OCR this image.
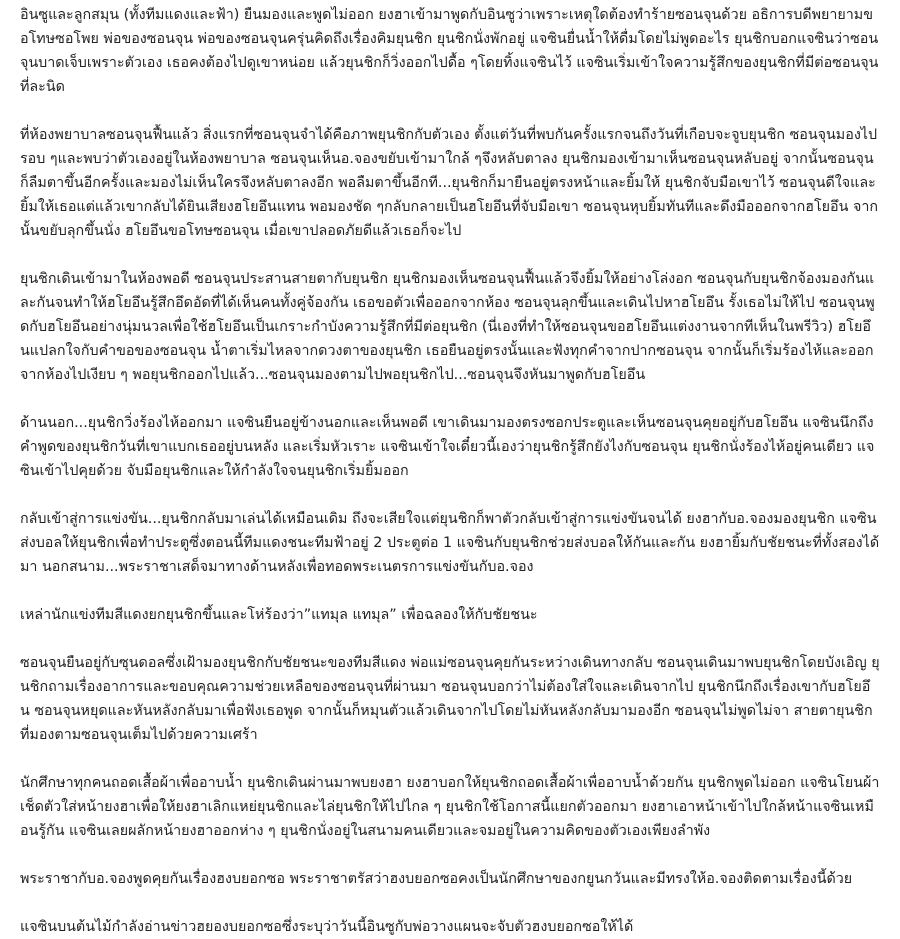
อินซูและลูกสมุน (ทั้งทีมแดงและฟ้า) ยืนมองและพูดไม่ออก ยงฮาเข้ามาพูดกับอินซูว่าเพราะเหตุใดต้องทำร้ายซอนจุนด้วย อธิการบดีพยายามขอโทษซอโพย พ่อของซอนจุน พ่อของซอนจุนครุ่นคิดถึงเรื่องคิมยุนชิก ยุนชิกนั่งพักอยู่ แจซินยื่นน้ำให้ดื่มโดยไม่พูดอะไร ยุนชิกบอกแจซินว่าซอนจุนบาดเจ็บเพราะตัวเอง เธอคงต้องไปดูเขาหน่อย แล้วยุนชิกก็วิ่งออกไปดื้อ ๆโดยทิ้งแจซินไว้ แจซินเริ่มเข้าใจความรู้สึกของยุนชิกที่มีต่อซอนจุนที่ละนิด

ที่ห้องพยาบาลซอนจุนฟื้นแล้ว สิ่งแรกที่ซอนจุนจำได้คือภาพยุนชิกกับตัวเอง ตั้งแต่วันที่พบกันครั้งแรกจนถึงวันที่เกือบจะจูบยุนชิก ซอนจุนมองไปรอบ ๆและพบว่าตัวเองอยู่ในห้องพยาบาล ซอนจุนเห็นอ.จองขยับเข้ามาใกล้ ๆจึงหลับตาลง ยุนชิกมองเข้ามาเห็นซอนจุนหลับอยู่ จากนั้นซอนจุนก็ลืมตาขึ้นอีกครั้งและมองไม่เห็นใครจึงหลับตาลงอีก พอลืมตาขึ้นอีกที...ยุนชิกก็มายืนอยู่ตรงหน้าและยิ้มให้ ยุนชิกจับมือเขาไว้ ซอนจุนดีใจและยิ้มให้เธอแต่แล้วเขากลับได้ยินเสียงฮโยอึนแทน พอมองชัด ๆกลับกลายเป็นฮโยอึนที่จับมือเขา ซอนจุนหุบยิ้มทันทีและดึงมือออกจากฮโยอึน จากนั้นขยับลุกขึ้นนั่ง ฮโยอึนขอโทษซอนจุน เมื่อเขาปลอดภัยดีแล้วเธอก็จะไป

ยุนชิกเดินเข้ามาในห้องพอดี ซอนจุนประสานสายตากับยุนชิก ยุนชิกมองเห็นซอนจุนฟื้นแล้วจึงยิ้มให้อย่างโล่งอก ซอนจุนกับยุนชิกจ้องมองกันและกันจนทำให้ฮโยอึนรู้สึกอึดอัดที่ได้เห็นคนทั้งคู่จ้องกัน เธอขอตัวเพื่อออกจากห้อง ซอนจุนลุกขึ้นและเดินไปหาฮโยอึน รั้งเธอไม่ให้ไป ซอนจุนพูดกับฮโยอึนอย่างนุ่มนวลเพื่อใช้ฮโยอึนเป็นเกราะกำบังความรู้สึกที่มีต่อยุนชิก (นี่เองที่ทำให้ซอนจุนขอฮโยอึนแต่งงานจากทีเห็นในพรีวิว) ฮโยอึนแปลกใจกับคำขอของซอนจุน น้ำตาเริ่มไหลจากดวงตาของยุนชิก เธอยืนอยู่ตรงนั้นและฟังทุกคำจากปากซอนจุน จากนั้นก็เริ่มร้องไห้และออกจากห้องไปเงียบ ๆ พอยุนชิกออกไปแล้ว...ซอนจุนมองตามไปพอยุนชิกไป...ซอนจุนจึงหันมาพูดกับฮโยอึน

ด้านนอก...ยุนชิกวิ่งร้องไห้ออกมา แจซินยืนอยู่ข้างนอกและเห็นพอดี เขาเดินมามองตรงซอกประตูและเห็นซอนจุนคุยอยู่กับฮโยอึน แจซินนึกถึงคำพูดของยุนชิกวันที่เขาแบกเธออยู่บนหลัง และเริ่มหัวเราะ แจซินเข้าใจเดี๋ยวนี้เองว่ายุนชิกรู้สึกยังไงกับซอนจุน ยุนชิกนั่งร้องไห้อยู่คนเดียว แจซินเข้าไปคุยด้วย จับมือยุนชิกและให้กำลังใจจนยุนชิกเริ่มยิ้มออก

กลับเข้าสู่การแข่งขัน...ยุนชิกกลับมาเล่นได้เหมือนเดิม ถึงจะเสียใจแต่ยุนชิกก็พาตัวกลับเข้าสู่การแข่งขันจนได้ ยงฮากับอ.จองมองยุนชิก แจซินส่งบอลให้ยุนชิกเพื่อทำประตูซึ่งตอนนี้ทีมแดงชนะทีมฟ้าอยู่ 2 ประตูต่อ 1 แจซินกับยุนชิกช่วยส่งบอลให้กันและกัน ยงฮายิ้มกับชัยชนะที่ทั้งสองได้มา นอกสนาม...พระราชาเสด็จมาทางด้านหลังเพื่อทอดพระเนตรการแข่งขันกับอ.จอง

เหล่านักแข่งทีมสีแดงยกยุนชิกขึ้นและโห่ร้องว่า”แทมุล แทมุล” เพื่อฉลองให้กับชัยชนะ

ซอนจุนยืนอยู่กับซุนดอลซึ่งเฝ้ามองยุนชิกกับชัยชนะของทีมสีแดง พ่อแม่ซอนจุนคุยกันระหว่างเดินทางกลับ ซอนจุนเดินมาพบยุนชิกโดยบังเอิญ ยุนชิกถามเรื่องอาการและขอบคุณความช่วยเหลือของซอนจุนที่ผ่านมา ซอนจุนบอกว่าไม่ต้องใส่ใจและเดินจากไป ยุนชิกนึกถึงเรื่องเขากับฮโยอึน ซอนจุนหยุดและหันหลังกลับมาเพื่อฟังเธอพูด จากนั้นก็หมุนตัวแล้วเดินจากไปโดยไม่หันหลังกลับมามองอีก ซอนจุนไม่พูดไม่จา สายตายุนชิกที่มองตามซอนจุนเต็มไปด้วยความเศร้า

นักศึกษาทุกคนถอดเสื้อผ้าเพื่ออาบน้ำ ยุนชิกเดินผ่านมาพบยงฮา ยงฮาบอกให้ยุนชิกถอดเสื้อผ้าเพื่ออาบน้ำด้วยกัน ยุนชิกพูดไม่ออก แจซินโยนผ้าเช็ดตัวใส่หน้ายงฮาเพื่อให้ยงฮาเลิกแหย่ยุนชิกและไล่ยุนชิกให้ไปไกล ๆ ยุนชิกใช้โอกาสนี้แยกตัวออกมา ยงฮาเอาหน้าเข้าไปใกล้หน้าแจซินเหมือนรู้กัน แจซินเลยผลักหน้ายงฮาออกห่าง ๆ ยุนชิกนั่งอยู่ในสนามคนเดียวและจมอยู่ในความคิดของตัวเองเพียงลำพัง

พระราชากับอ.จองพูดคุยกันเรื่องฮงบยอกซอ พระราชาตรัสว่าฮงบยอกซอคงเป็นนักศึกษาของกยูนกวันและมีทรงให้อ.จองติดตามเรื่องนี้ด้วย

แจซินบนต้นไม้กำลังอ่านข่าวฮยองบยอกซอซึ่งระบุว่าวันนี้อินซูกับพ่อวางแผนจะจับตัวฮงบยอกซอให้ได้
